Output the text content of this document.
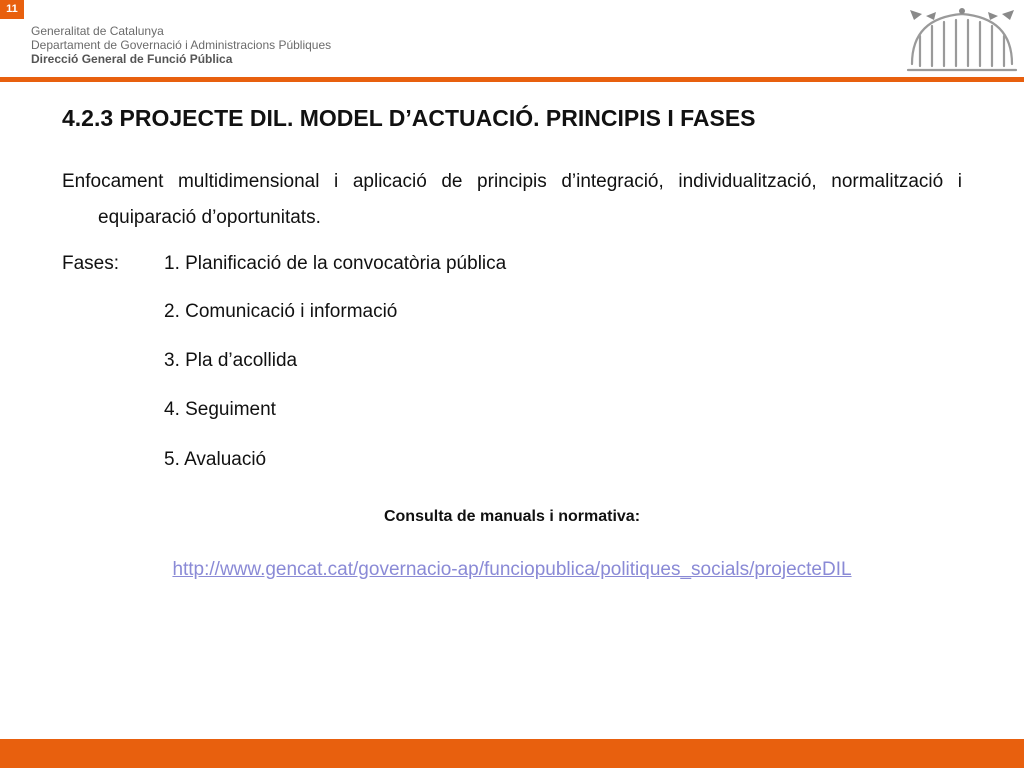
11
Generalitat de Catalunya
Departament de Governació i Administracions Públiques
Direcció General de Funció Pública
4.2.3 PROJECTE DIL. MODEL D’ACTUACIÓ. PRINCIPIS I FASES

Enfocament multidimensional i aplicació de principis d’integració, individualització, normalització i equiparació d’oportunitats.

Fases: 1. Planificació de la convocatòria pública
2. Comunicació i informació
3. Pla d’acollida
4. Seguiment
5. Avaluació
Consulta de manuals i normativa:
http://www.gencat.cat/governacio-ap/funciopublica/politiques_socials/projecteDIL
